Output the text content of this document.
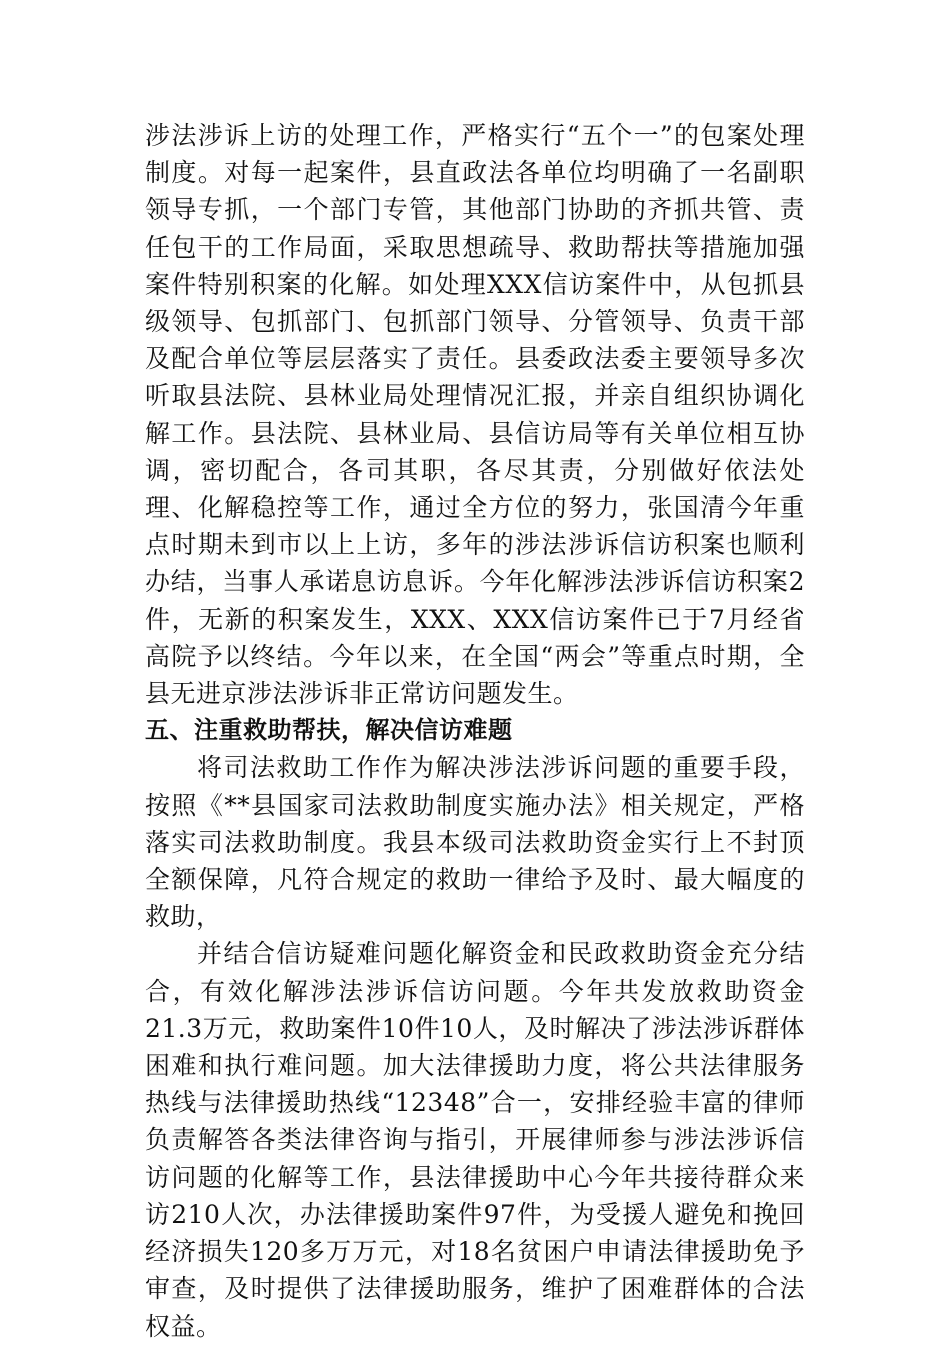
涉法涉诉上访的处理工作，严格实行“五个一”的包案处理制度。对每一起案件，县直政法各单位均明确了一名副职领导专抓，一个部门专管，其他部门协助的齐抓共管、责任包干的工作局面，采取思想疏导、救助帮扶等措施加强案件特别积案的化解。如处理XXX信访案件中，从包抓县级领导、包抓部门、包抓部门领导、分管领导、负责干部及配合单位等层层落实了责任。县委政法委主要领导多次听取县法院、县林业局处理情况汇报，并亲自组织协调化解工作。县法院、县林业局、县信访局等有关单位相互协调，密切配合，各司其职，各尽其责，分别做好依法处理、化解稳控等工作，通过全方位的努力，张国清今年重点时期未到市以上上访，多年的涉法涉诉信访积案也顺利办结，当事人承诺息访息诉。今年化解涉法涉诉信访积案2件，无新的积案发生，XXX、XXX信访案件已于7月经省高院予以终结。今年以来，在全国“两会”等重点时期，全县无进京涉法涉诉非正常访问题发生。

五、注重救助帮扶，解决信访难题

将司法救助工作作为解决涉法涉诉问题的重要手段，按照《**县国家司法救助制度实施办法》相关规定，严格落实司法救助制度。我县本级司法救助资金实行上不封顶全额保障，凡符合规定的救助一律给予及时、最大幅度的救助，

并结合信访疑难问题化解资金和民政救助资金充分结合，有效化解涉法涉诉信访问题。今年共发放救助资金21.3万元，救助案件10件10人，及时解决了涉法涉诉群体困难和执行难问题。加大法律援助力度，将公共法律服务热线与法律援助热线“12348”合一，安排经验丰富的律师负责解答各类法律咨询与指引，开展律师参与涉法涉诉信访问题的化解等工作，县法律援助中心今年共接待群众来访210人次，办法律援助案件97件，为受援人避免和挽回经济损失120多万万元，对18名贫困户申请法律援助免予审查，及时提供了法律援助服务，维护了困难群体的合法权益。
